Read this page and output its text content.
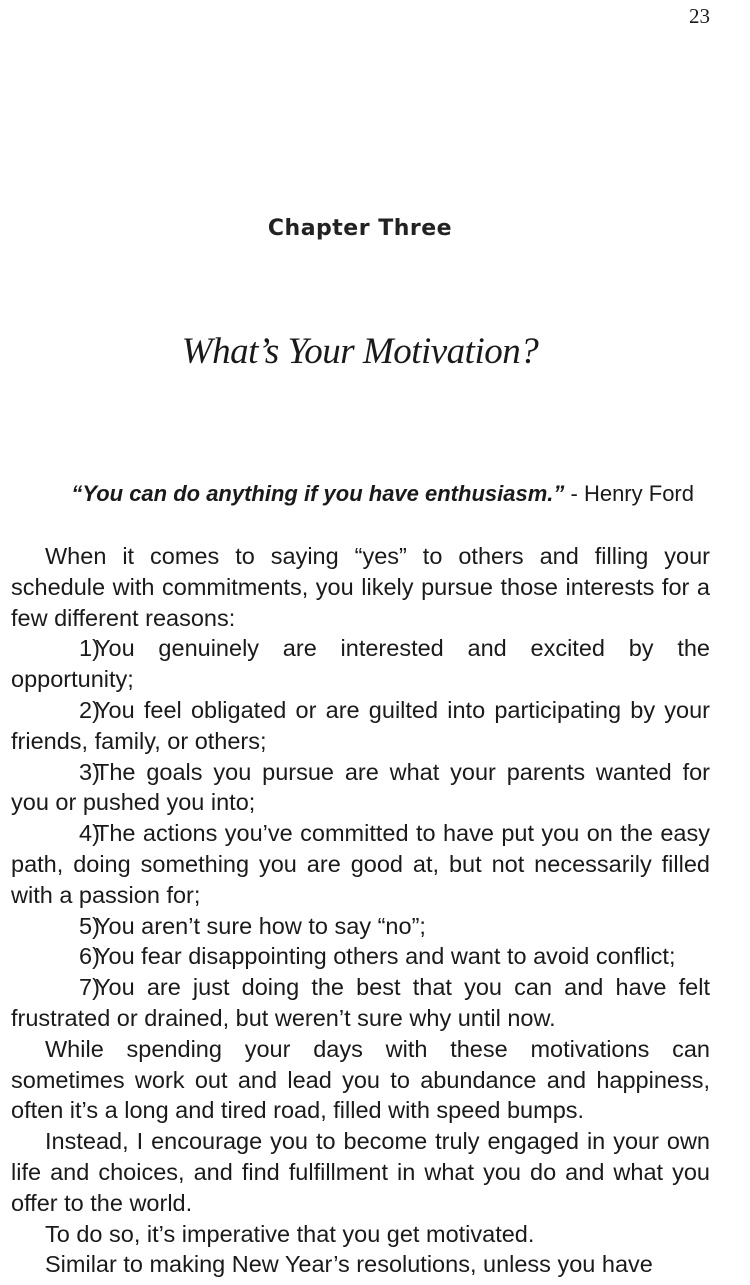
23
Chapter Three
What’s Your Motivation?
“You can do anything if you have enthusiasm.” - Henry Ford

When it comes to saying “yes” to others and filling your schedule with commitments, you likely pursue those interests for a few different reasons:

1)You genuinely are interested and excited by the opportunity;

2)You feel obligated or are guilted into participating by your friends, family, or others;

3)The goals you pursue are what your parents wanted for you or pushed you into;

4)The actions you’ve committed to have put you on the easy path, doing something you are good at, but not necessarily filled with a passion for;

5)You aren’t sure how to say “no”;

6)You fear disappointing others and want to avoid conflict;

7)You are just doing the best that you can and have felt frustrated or drained, but weren’t sure why until now.

While spending your days with these motivations can sometimes work out and lead you to abundance and happiness, often it’s a long and tired road, filled with speed bumps.

Instead, I encourage you to become truly engaged in your own life and choices, and find fulfillment in what you do and what you offer to the world.

To do so, it’s imperative that you get motivated.

Similar to making New Year’s resolutions, unless you have
